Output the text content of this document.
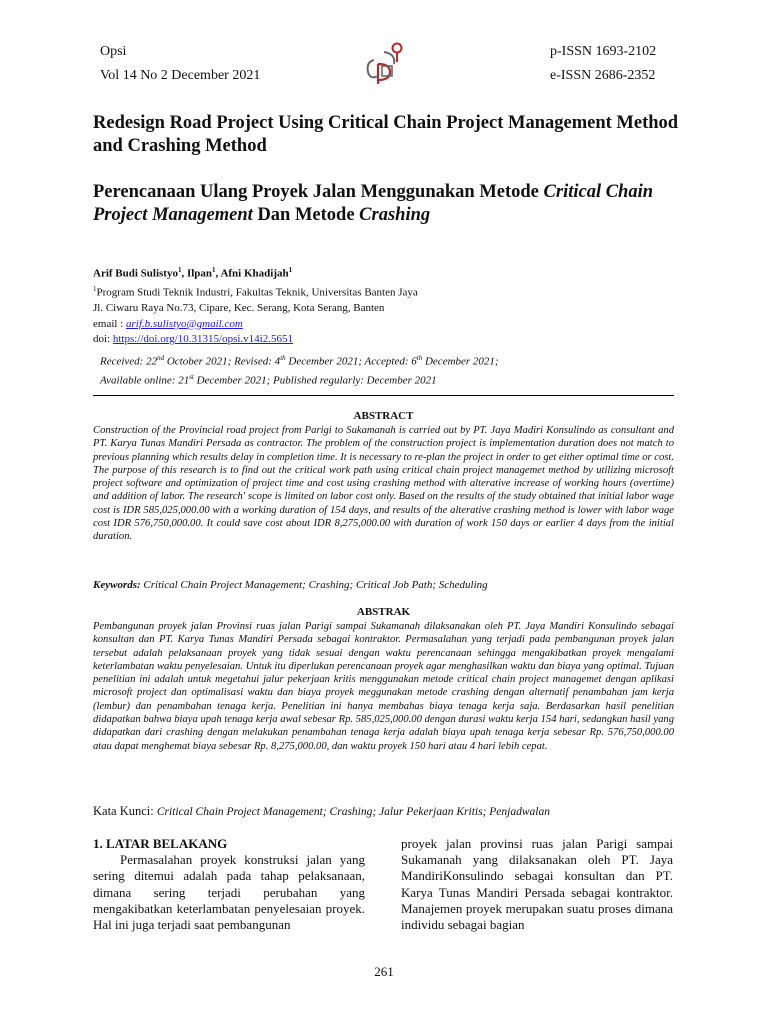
Opsi
Vol 14 No 2 December 2021
p-ISSN 1693-2102
e-ISSN 2686-2352
Redesign Road Project Using Critical Chain Project Management Method and Crashing Method
Perencanaan Ulang Proyek Jalan Menggunakan Metode Critical Chain Project Management Dan Metode Crashing
Arif Budi Sulistyo$^1$, Ilpan$^1$, Afni Khadijah$^1$
$^1$Program Studi Teknik Industri, Fakultas Teknik, Universitas Banten Jaya
Jl. Ciwaru Raya No.73, Cipare, Kec. Serang, Kota Serang, Banten
email : arif.b.sulistyo@gmail.com
doi: https://doi.org/10.31315/opsi.v14i2.5651
Received: 22nd October 2021; Revised: 4th December 2021; Accepted: 6th December 2021;
Available online: 21st December 2021; Published regularly: December 2021
ABSTRACT
Construction of the Provincial road project from Parigi to Sukamanah is carried out by PT. Jaya Madiri Konsulindo as consultant and PT. Karya Tunas Mandiri Persada as contractor. The problem of the construction project is implementation duration does not match to previous planning which results delay in completion time. It is necessary to re-plan the project in order to get either optimal time or cost. The purpose of this research is to find out the critical work path using critical chain project managemet method by utilizing microsoft project software and optimization of project time and cost using crashing method with alterative increase of working hours (overtime) and addition of labor. The research' scope is limited on labor cost only. Based on the results of the study obtained that initial labor wage cost is IDR 585,025,000.00 with a working duration of 154 days, and results of the alterative crashing method is lower with labor wage cost IDR 576,750,000.00. It could save cost about IDR 8,275,000.00 with duration of work 150 days or earlier 4 days from the initial duration.
Keywords: Critical Chain Project Management; Crashing; Critical Job Path; Scheduling
ABSTRAK
Pembangunan proyek jalan Provinsi ruas jalan Parigi sampai Sukamanah dilaksanakan oleh PT. Jaya Mandiri Konsulindo sebagai konsultan dan PT. Karya Tunas Mandiri Persada sebagai kontraktor. Permasalahan yang terjadi pada pembangunan proyek jalan tersebut adalah pelaksanaan proyek yang tidak sesuai dengan waktu perencanaan sehingga mengakibatkan proyek mengalami keterlambatan waktu penyelesaian. Untuk itu diperlukan perencanaan proyek agar menghasilkan waktu dan biaya yang optimal. Tujuan penelitian ini adalah untuk megetahui jalur pekerjaan kritis menggunakan metode critical chain project managemet dengan aplikasi microsoft project dan optimalisasi waktu dan biaya proyek meggunakan metode crashing dengan alternatif penambahan jam kerja (lembur) dan penambahan tenaga kerja. Penelitian ini hanya membahas biaya tenaga kerja saja. Berdasarkan hasil penelitian didapatkan bahwa biaya upah tenaga kerja awal sebesar Rp. 585,025,000.00 dengan durasi waktu kerja 154 hari, sedangkan hasil yang didapatkan dari crashing dengan melakukan penambahan tenaga kerja adalah biaya upah tenaga kerja sebesar Rp. 576,750,000.00 atau dapat menghemat biaya sebesar Rp. 8,275,000.00, dan waktu proyek 150 hari atau 4 hari lebih cepat.
Kata Kunci: Critical Chain Project Management; Crashing; Jalur Pekerjaan Kritis; Penjadwalan
1. LATAR BELAKANG

Permasalahan proyek konstruksi jalan yang sering ditemui adalah pada tahap pelaksanaan, dimana sering terjadi perubahan yang mengakibatkan keterlambatan penyelesaian proyek. Hal ini juga terjadi saat pembangunan

proyek jalan provinsi ruas jalan Parigi sampai Sukamanah yang dilaksanakan oleh PT. Jaya MandiriKonsulindo sebagai konsultan dan PT. Karya Tunas Mandiri Persada sebagai kontraktor. Manajemen proyek merupakan suatu proses dimana individu sebagai bagian

261
